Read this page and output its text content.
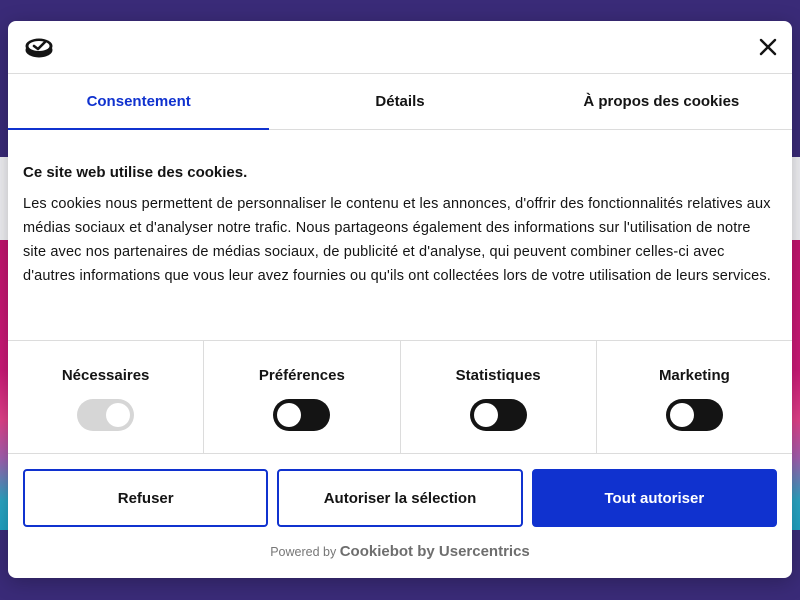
Consentement	Détails	À propos des cookies
Ce site web utilise des cookies.
Les cookies nous permettent de personnaliser le contenu et les annonces, d'offrir des fonctionnalités relatives aux médias sociaux et d'analyser notre trafic. Nous partageons également des informations sur l'utilisation de notre site avec nos partenaires de médias sociaux, de publicité et d'analyse, qui peuvent combiner celles-ci avec d'autres informations que vous leur avez fournies ou qu'ils ont collectées lors de votre utilisation de leurs services.
Nécessaires	Préférences	Statistiques	Marketing
Refuser	Autoriser la sélection	Tout autoriser
Powered by Cookiebot by Usercentrics
